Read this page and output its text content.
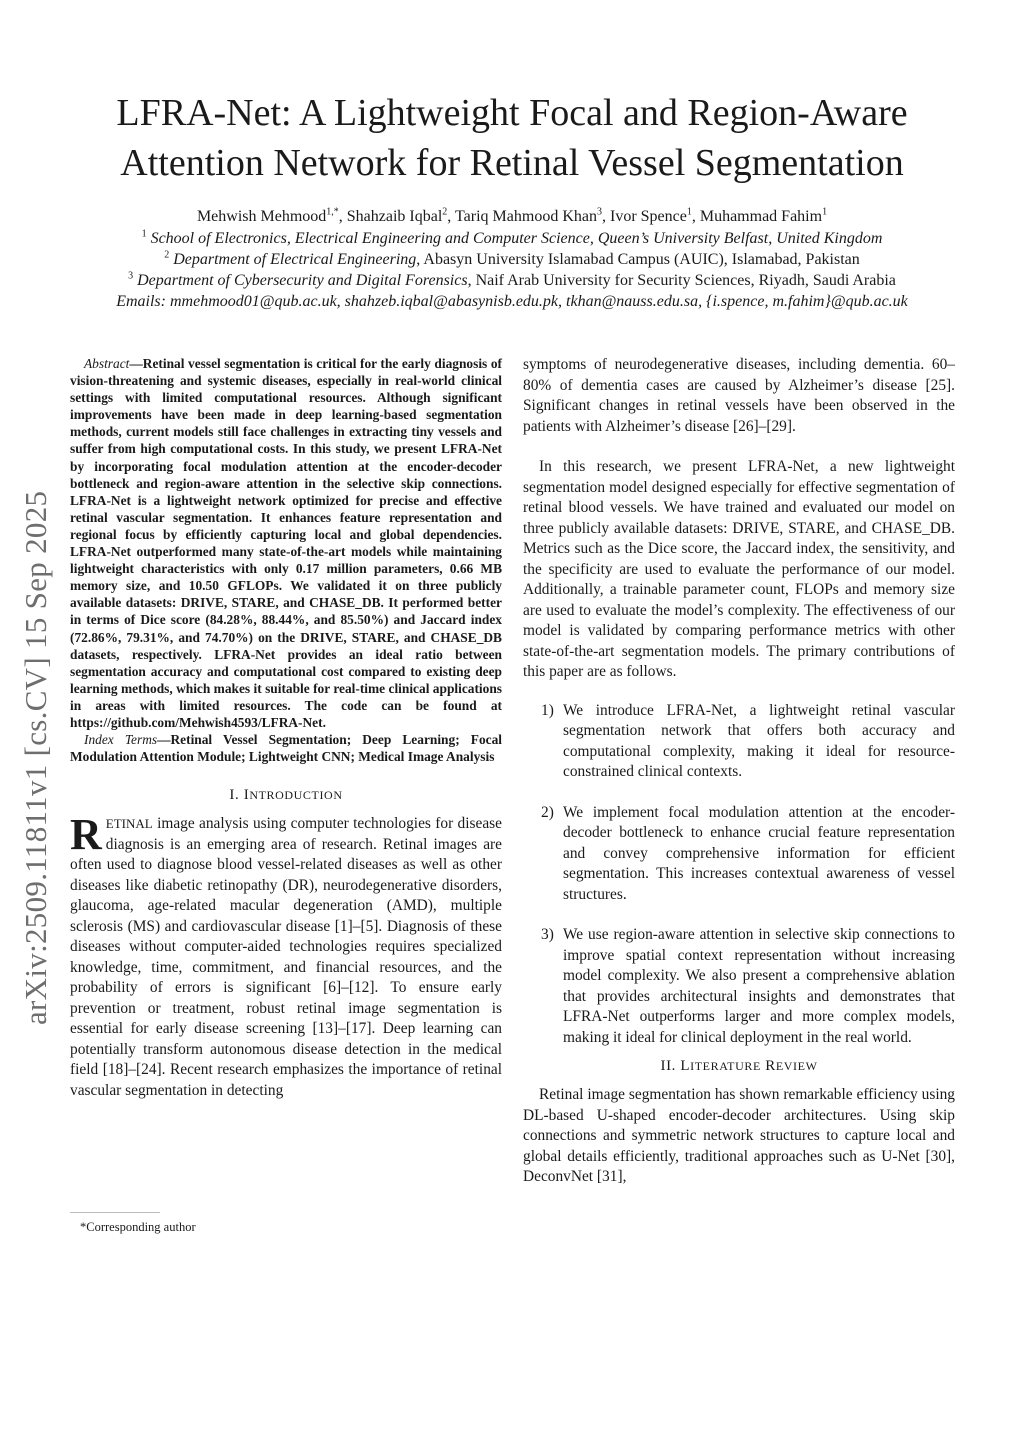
arXiv:2509.11811v1 [cs.CV] 15 Sep 2025
LFRA-Net: A Lightweight Focal and Region-Aware
Attention Network for Retinal Vessel Segmentation
Mehwish Mehmood$^{1,*}$, Shahzaib Iqbal$^2$, Tariq Mahmood Khan$^3$, Ivor Spence$^1$, Muhammad Fahim$^1$
$^1$ School of Electronics, Electrical Engineering and Computer Science, Queen’s University Belfast, United Kingdom
$^2$ Department of Electrical Engineering, Abasyn University Islamabad Campus (AUIC), Islamabad, Pakistan
$^3$ Department of Cybersecurity and Digital Forensics, Naif Arab University for Security Sciences, Riyadh, Saudi Arabia
Emails: mmehmood01@qub.ac.uk, shahzeb.iqbal@abasynisb.edu.pk, tkhan@nauss.edu.sa, {i.spence, m.fahim}@qub.ac.uk

Abstract—Retinal vessel segmentation is critical for the early diagnosis of vision-threatening and systemic diseases, especially in real-world clinical settings with limited computational resources. Although significant improvements have been made in deep learning-based segmentation methods, current models still face challenges in extracting tiny vessels and suffer from high computational costs. In this study, we present LFRA-Net by incorporating focal modulation attention at the encoder-decoder bottleneck and region-aware attention in the selective skip connections. LFRA-Net is a lightweight network optimized for precise and effective retinal vascular segmentation. It enhances feature representation and regional focus by efficiently capturing local and global dependencies. LFRA-Net outperformed many state-of-the-art models while maintaining lightweight characteristics with only 0.17 million parameters, 0.66 MB memory size, and 10.50 GFLOPs. We validated it on three publicly available datasets: DRIVE, STARE, and CHASE_DB. It performed better in terms of Dice score (84.28%, 88.44%, and 85.50%) and Jaccard index (72.86%, 79.31%, and 74.70%) on the DRIVE, STARE, and CHASE_DB datasets, respectively. LFRA-Net provides an ideal ratio between segmentation accuracy and computational cost compared to existing deep learning methods, which makes it suitable for real-time clinical applications in areas with limited resources. The code can be found at https://github.com/Mehwish4593/LFRA-Net.

Index Terms—Retinal Vessel Segmentation; Deep Learning; Focal Modulation Attention Module; Lightweight CNN; Medical Image Analysis

I. INTRODUCTION

RETINAL image analysis using computer technologies for disease diagnosis is an emerging area of research. Retinal images are often used to diagnose blood vessel-related diseases as well as other diseases like diabetic retinopathy (DR), neurodegenerative disorders, glaucoma, age-related macular degeneration (AMD), multiple sclerosis (MS) and cardiovascular disease [1]–[5]. Diagnosis of these diseases without computer-aided technologies requires specialized knowledge, time, commitment, and financial resources, and the probability of errors is significant [6]–[12]. To ensure early prevention or treatment, robust retinal image segmentation is essential for early disease screening [13]–[17]. Deep learning can potentially transform autonomous disease detection in the medical field [18]–[24]. Recent research emphasizes the importance of retinal vascular segmentation in detecting

*Corresponding author

symptoms of neurodegenerative diseases, including dementia. 60–80% of dementia cases are caused by Alzheimer’s disease [25]. Significant changes in retinal vessels have been observed in the patients with Alzheimer’s disease [26]–[29].

In this research, we present LFRA-Net, a new lightweight segmentation model designed especially for effective segmentation of retinal blood vessels. We have trained and evaluated our model on three publicly available datasets: DRIVE, STARE, and CHASE_DB. Metrics such as the Dice score, the Jaccard index, the sensitivity, and the specificity are used to evaluate the performance of our model. Additionally, a trainable parameter count, FLOPs and memory size are used to evaluate the model’s complexity. The effectiveness of our model is validated by comparing performance metrics with other state-of-the-art segmentation models. The primary contributions of this paper are as follows.

1) We introduce LFRA-Net, a lightweight retinal vascular segmentation network that offers both accuracy and computational complexity, making it ideal for resource-constrained clinical contexts.
2) We implement focal modulation attention at the encoder-decoder bottleneck to enhance crucial feature representation and convey comprehensive information for efficient segmentation. This increases contextual awareness of vessel structures.
3) We use region-aware attention in selective skip connections to improve spatial context representation without increasing model complexity. We also present a comprehensive ablation that provides architectural insights and demonstrates that LFRA-Net outperforms larger and more complex models, making it ideal for clinical deployment in the real world.
II. LITERATURE REVIEW

Retinal image segmentation has shown remarkable efficiency using DL-based U-shaped encoder-decoder architectures. Using skip connections and symmetric network structures to capture local and global details efficiently, traditional approaches such as U-Net [30], DeconvNet [31],
